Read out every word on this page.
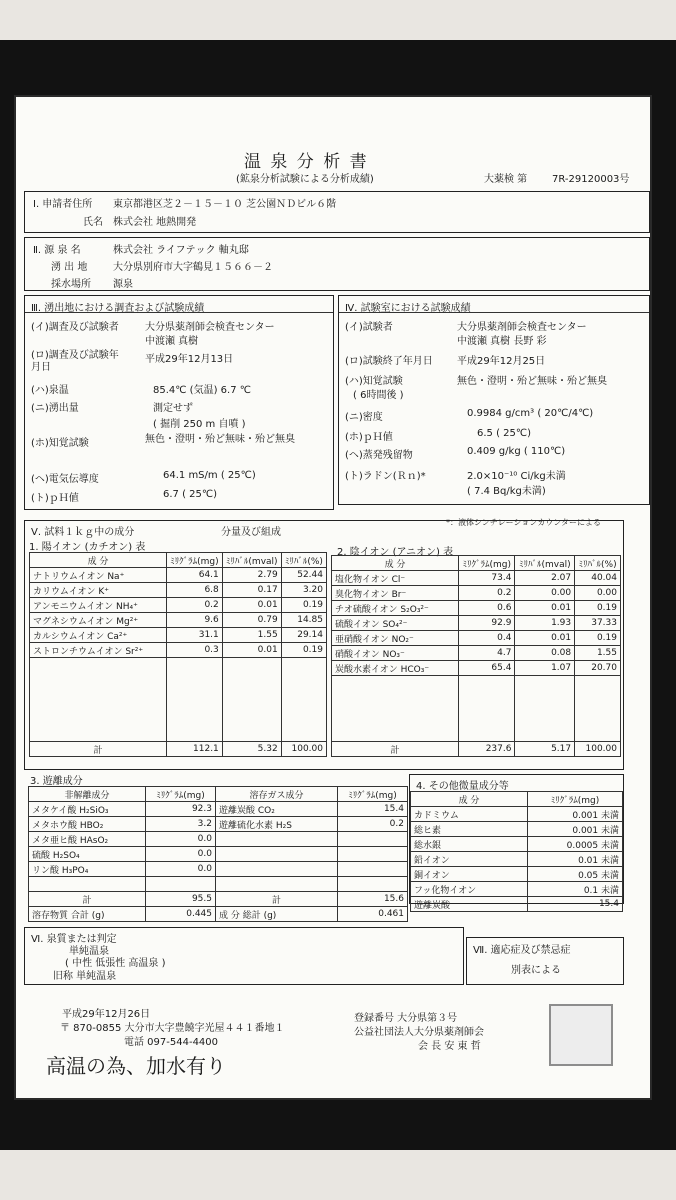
温 泉 分 析 書
(鉱泉分析試験による分析成績)	大薬検 第 7R-29120003号
Ⅰ. 申請者住所 東京都港区芝２－１５－１０ 芝公園ＮＤビル６階
氏名 株式会社 地熱開発
Ⅱ. 源 泉 名	株式会社 ライフテック 軸丸邸
湧 出 地	大分県別府市大字鶴見１５６６－２
採水場所 源泉
Ⅲ. 湧出地における調査および試験成績
(イ)調査及び試験者	大分県薬剤師会検査センター
中渡瀬 真樹
(ロ)調査及び試験年月日
平成29年12月13日
(ハ)泉温	85.4℃ (気温) 6.7 ℃
(ニ)湧出量	測定せず
( 掘削 250 m 自噴 )
(ホ)知覚試験	無色・澄明・殆ど無味・殆ど無臭
(ヘ)電気伝導度	64.1 mS/m ( 25℃)
(ト)ｐＨ値	6.7 ( 25℃)
Ⅳ. 試験室における試験成績
(イ)試験者	大分県薬剤師会検査センター
中渡瀬 真樹 長野 彩
(ロ)試験終了年月日 平成29年12月25日
(ハ)知覚試験	無色・澄明・殆ど無味・殆ど無臭
( 6時間後 )
(ニ)密度	0.9984 g/cm³ ( 20℃/4℃)
(ホ)ｐＨ値	6.5 ( 25℃)
(ヘ)蒸発残留物	0.409 g/kg ( 110℃)
(ト)ラドン(Ｒｎ)*	2.0×10⁻¹⁰ Ci/kg未満
( 7.4 Bq/kg未満)
*：液体シンチレーションカウンターによる
Ⅴ. 試料１ｋｇ中の成分	分量及び組成
1. 陽イオン (カチオン) 表
成 分	ﾐﾘｸﾞﾗﾑ(mg)	ﾐﾘﾊﾞﾙ(mval)	ﾐﾘﾊﾞﾙ(%)
ナトリウムイオン Na⁺	64.1	2.79	52.44
カリウムイオン K⁺	6.8	0.17	3.20
アンモニウムイオン NH₄⁺	0.2	0.01	0.19
マグネシウムイオン Mg²⁺	9.6	0.79	14.85
カルシウムイオン Ca²⁺	31.1	1.55	29.14
ストロンチウムイオン Sr²⁺	0.3	0.01	0.19

計	112.1	5.32	100.00
2. 陰イオン (アニオン) 表
成 分	ﾐﾘｸﾞﾗﾑ(mg)	ﾐﾘﾊﾞﾙ(mval)	ﾐﾘﾊﾞﾙ(%)
塩化物イオン Cl⁻	73.4	2.07	40.04
臭化物イオン Br⁻	0.2	0.00	0.00
チオ硫酸イオン S₂O₃²⁻	0.6	0.01	0.19
硫酸イオン SO₄²⁻	92.9	1.93	37.33
亜硝酸イオン NO₂⁻	0.4	0.01	0.19
硝酸イオン NO₃⁻	4.7	0.08	1.55
炭酸水素イオン HCO₃⁻	65.4	1.07	20.70

計	237.6	5.17	100.00
3. 遊離成分
非解離成分	ﾐﾘｸﾞﾗﾑ(mg)	溶存ガス成分	ﾐﾘｸﾞﾗﾑ(mg)
メタケイ酸 H₂SiO₃	92.3	遊離炭酸 CO₂	15.4
メタホウ酸 HBO₂	3.2	遊離硫化水素 H₂S	0.2
メタ亜ヒ酸 HAsO₂	0.0		
硫酸 H₂SO₄	0.0		
リン酸 H₃PO₄	0.0		

計	95.5	計	15.6
溶存物質 合計 (g)	0.445	成 分 総計 (g)	0.461
4. その他微量成分等
成 分	ﾐﾘｸﾞﾗﾑ(mg)
カドミウム	0.001 未満
総ヒ素	0.001 未満
総水銀	0.0005 未満
鉛イオン	0.01 未満
銅イオン	0.05 未満
フッ化物イオン	0.1 未満
遊離炭酸	15.4
Ⅵ. 泉質または判定
単純温泉
( 中性 低張性 高温泉 )
旧称 単純温泉
Ⅶ. 適応症及び禁忌症
別表による
平成29年12月26日
〒 870-0855 大分市大字豊饒字光屋４４１番地１
電話 097-544-4400
登録番号 大分県第３号
公益社団法人大分県薬剤師会
会 長 安 東 哲
高温の為、加水有り
